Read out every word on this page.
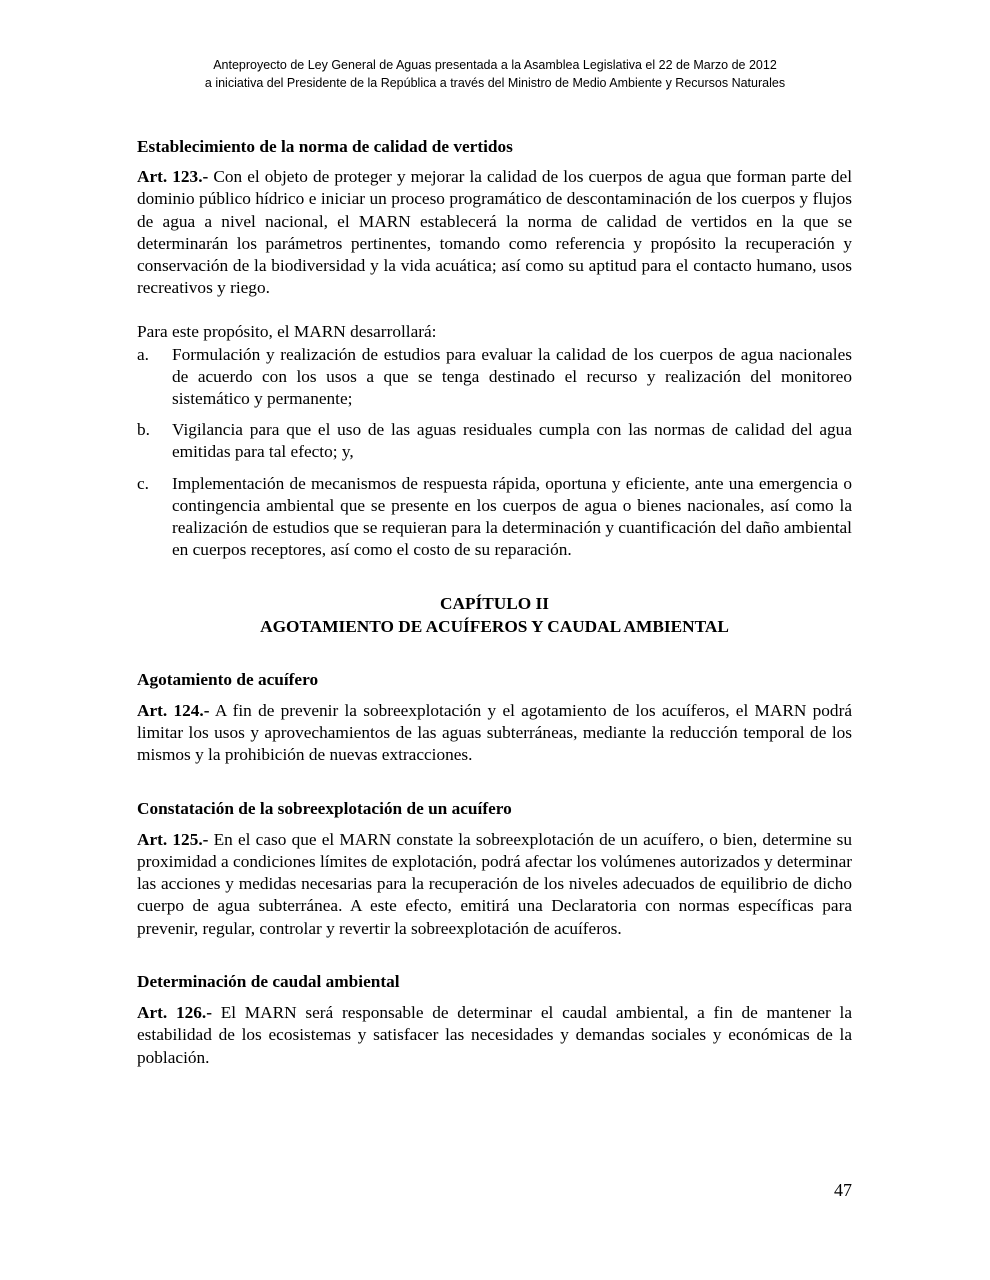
Anteproyecto de Ley General de Aguas presentada a la Asamblea Legislativa el 22 de Marzo de 2012
a iniciativa del Presidente de la República a través del Ministro de Medio Ambiente y Recursos Naturales

Establecimiento de la norma de calidad de vertidos

Art. 123.- Con el objeto de proteger y mejorar la calidad de los cuerpos de agua que forman parte del dominio público hídrico e iniciar un proceso programático de descontaminación de los cuerpos y flujos de agua a nivel nacional, el MARN establecerá la norma de calidad de vertidos en la que se determinarán los parámetros pertinentes, tomando como referencia y propósito la recuperación y conservación de la biodiversidad y la vida acuática; así como su aptitud para el contacto humano, usos recreativos y riego.

Para este propósito, el MARN desarrollará:

a.	Formulación y realización de estudios para evaluar la calidad de los cuerpos de agua nacionales de acuerdo con los usos a que se tenga destinado el recurso y realización del monitoreo sistemático y permanente;
b.	Vigilancia para que el uso de las aguas residuales cumpla con las normas de calidad del agua emitidas para tal efecto; y,
c.	Implementación de mecanismos de respuesta rápida, oportuna y eficiente, ante una emergencia o contingencia ambiental que se presente en los cuerpos de agua o bienes nacionales, así como la realización de estudios que se requieran para la determinación y cuantificación del daño ambiental en cuerpos receptores, así como el costo de su reparación.
CAPÍTULO II
AGOTAMIENTO DE ACUÍFEROS Y CAUDAL AMBIENTAL

Agotamiento de acuífero

Art. 124.- A fin de prevenir la sobreexplotación y el agotamiento de los acuíferos, el MARN podrá limitar los usos y aprovechamientos de las aguas subterráneas, mediante la reducción temporal de los mismos y la prohibición de nuevas extracciones.

Constatación de la sobreexplotación de un acuífero

Art. 125.- En el caso que el MARN constate la sobreexplotación de un acuífero, o bien, determine su proximidad a condiciones límites de explotación, podrá afectar los volúmenes autorizados y determinar las acciones y medidas necesarias para la recuperación de los niveles adecuados de equilibrio de dicho cuerpo de agua subterránea. A este efecto, emitirá una Declaratoria con normas específicas para prevenir, regular, controlar y revertir la sobreexplotación de acuíferos.

Determinación de caudal ambiental

Art. 126.- El MARN será responsable de determinar el caudal ambiental, a fin de mantener la estabilidad de los ecosistemas y satisfacer las necesidades y demandas sociales y económicas de la población.

47
